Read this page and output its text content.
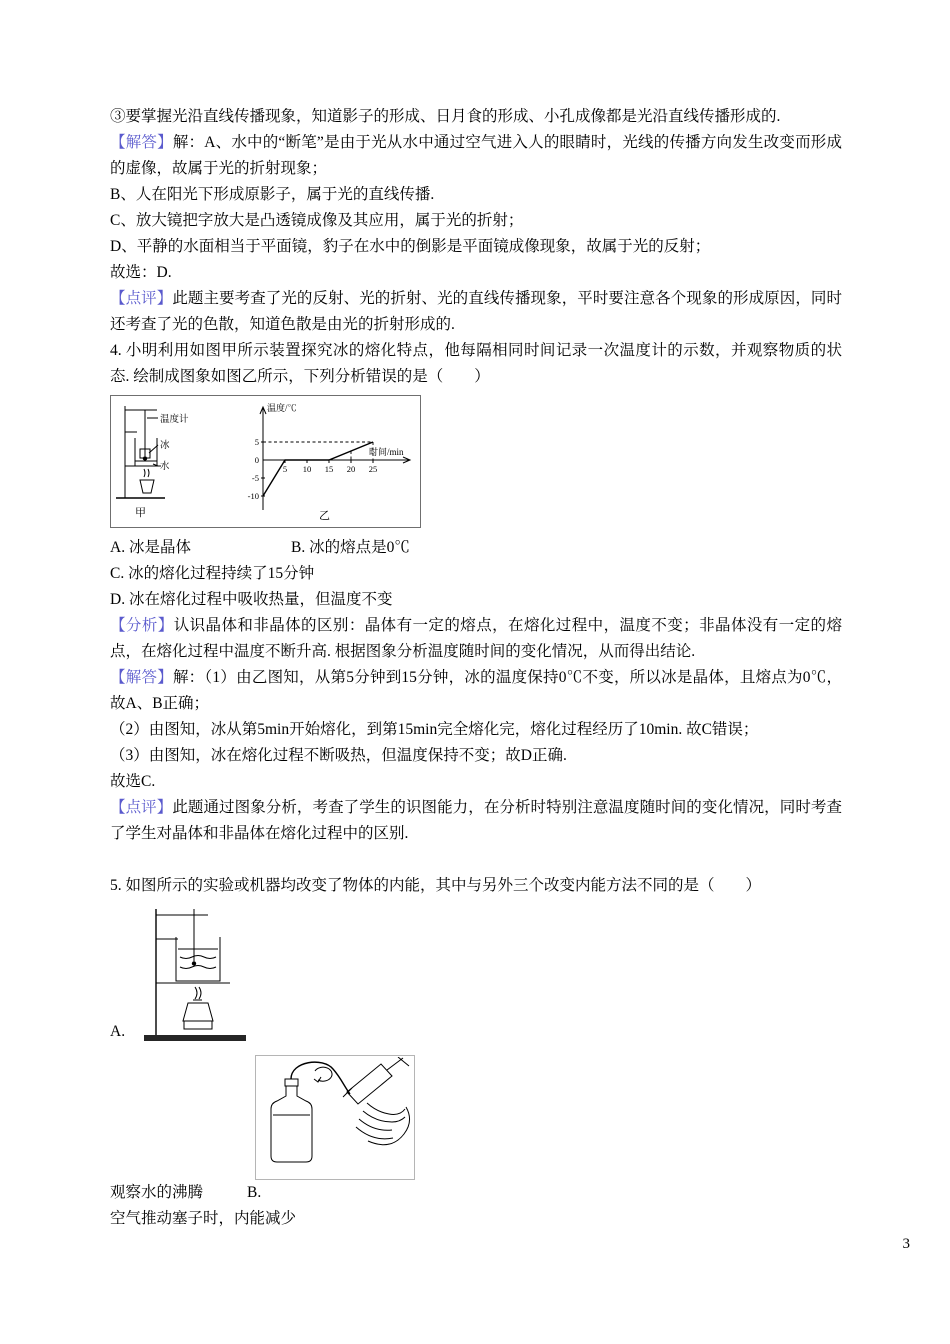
③要掌握光沿直线传播现象，知道影子的形成、日月食的形成、小孔成像都是光沿直线传播形成的.

【解答】解：A、水中的“断笔”是由于光从水中通过空气进入人的眼睛时，光线的传播方向发生改变而形成的虚像，故属于光的折射现象；

B、人在阳光下形成原影子，属于光的直线传播.

C、放大镜把字放大是凸透镜成像及其应用，属于光的折射；

D、平静的水面相当于平面镜，豹子在水中的倒影是平面镜成像现象，故属于光的反射；

故选：D.

【点评】此题主要考查了光的反射、光的折射、光的直线传播现象，平时要注意各个现象的形成原因，同时还考查了光的色散，知道色散是由光的折射形成的.

4. 小明利用如图甲所示装置探究冰的熔化特点，他每隔相同时间记录一次温度计的示数，并观察物质的状态. 绘制成图象如图乙所示，下列分析错误的是（　　）

温度计
冰
水
甲
温度/℃
时间/min
5
0
-5
-10
5 10 15 20 25
乙

A. 冰是晶体	B. 冰的熔点是0℃

C. 冰的熔化过程持续了15分钟

D. 冰在熔化过程中吸收热量，但温度不变

【分析】认识晶体和非晶体的区别：晶体有一定的熔点，在熔化过程中，温度不变；非晶体没有一定的熔点，在熔化过程中温度不断升高. 根据图象分析温度随时间的变化情况，从而得出结论.

【解答】解：（1）由乙图知，从第5分钟到15分钟，冰的温度保持0℃不变，所以冰是晶体，且熔点为0℃，故A、B正确；

（2）由图知，冰从第5min开始熔化，到第15min完全熔化完，熔化过程经历了10min. 故C错误；

（3）由图知，冰在熔化过程不断吸热，但温度保持不变；故D正确.

故选C.

【点评】此题通过图象分析，考查了学生的识图能力，在分析时特别注意温度随时间的变化情况，同时考查了学生对晶体和非晶体在熔化过程中的区别.

5. 如图所示的实验或机器均改变了物体的内能，其中与另外三个改变内能方法不同的是（　　）

A.

观察水的沸腾	B.

空气推动塞子时，内能减少

3
